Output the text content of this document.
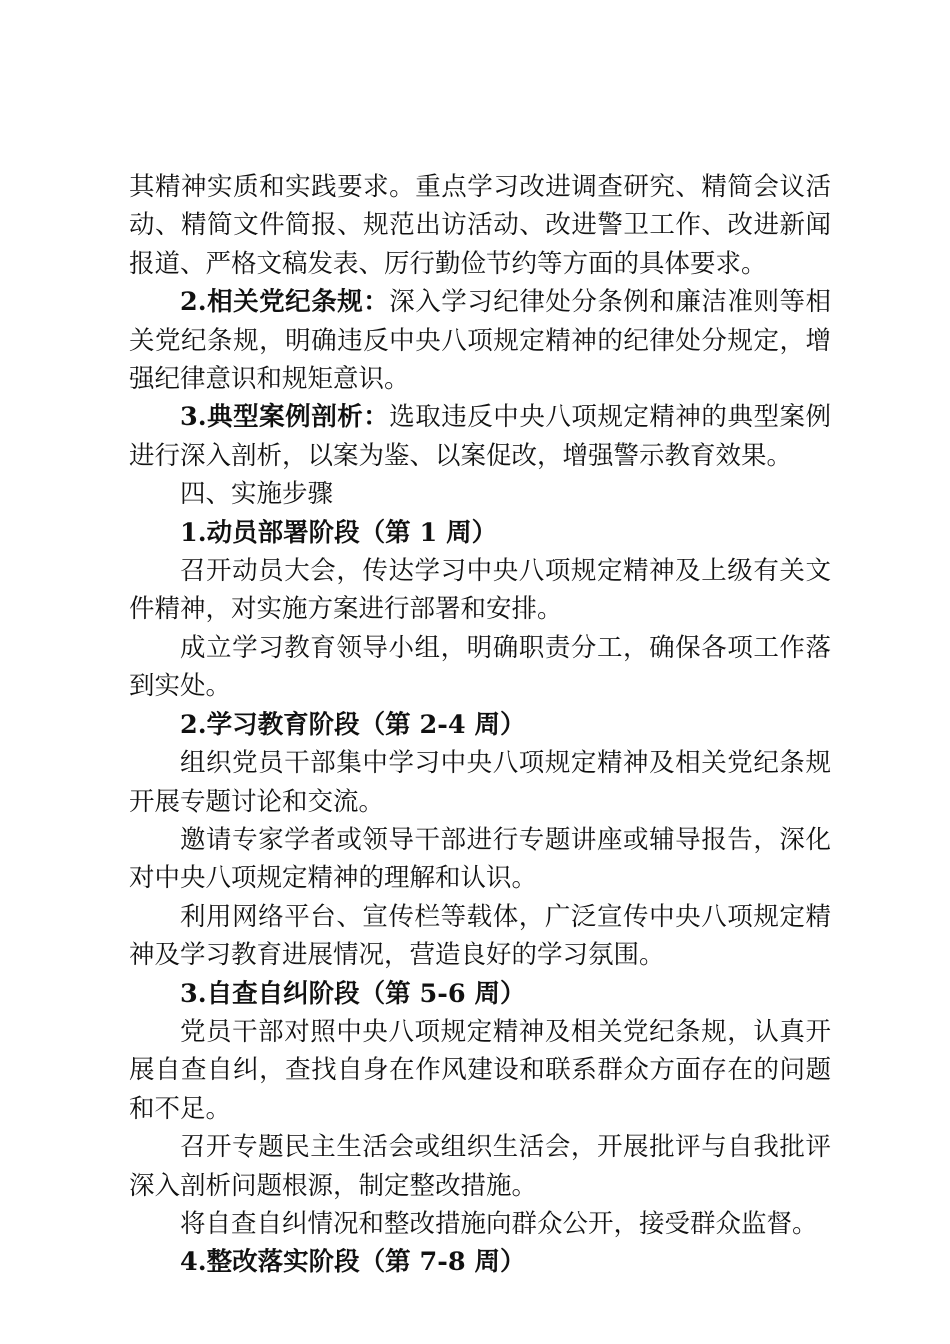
其精神实质和实践要求。重点学习改进调查研究、精简会议活动、精简文件简报、规范出访活动、改进警卫工作、改进新闻报道、严格文稿发表、厉行勤俭节约等方面的具体要求。

2.相关党纪条规：深入学习纪律处分条例和廉洁准则等相关党纪条规，明确违反中央八项规定精神的纪律处分规定，增强纪律意识和规矩意识。

3.典型案例剖析：选取违反中央八项规定精神的典型案例进行深入剖析，以案为鉴、以案促改，增强警示教育效果。

四、实施步骤

1.动员部署阶段（第 1 周）

召开动员大会，传达学习中央八项规定精神及上级有关文件精神，对实施方案进行部署和安排。

成立学习教育领导小组，明确职责分工，确保各项工作落到实处。

2.学习教育阶段（第 2-4 周）

组织党员干部集中学习中央八项规定精神及相关党纪条规开展专题讨论和交流。

邀请专家学者或领导干部进行专题讲座或辅导报告，深化对中央八项规定精神的理解和认识。

利用网络平台、宣传栏等载体，广泛宣传中央八项规定精神及学习教育进展情况，营造良好的学习氛围。

3.自查自纠阶段（第 5-6 周）

党员干部对照中央八项规定精神及相关党纪条规，认真开展自查自纠，查找自身在作风建设和联系群众方面存在的问题和不足。

召开专题民主生活会或组织生活会，开展批评与自我批评深入剖析问题根源，制定整改措施。

将自查自纠情况和整改措施向群众公开，接受群众监督。

4.整改落实阶段（第 7-8 周）
